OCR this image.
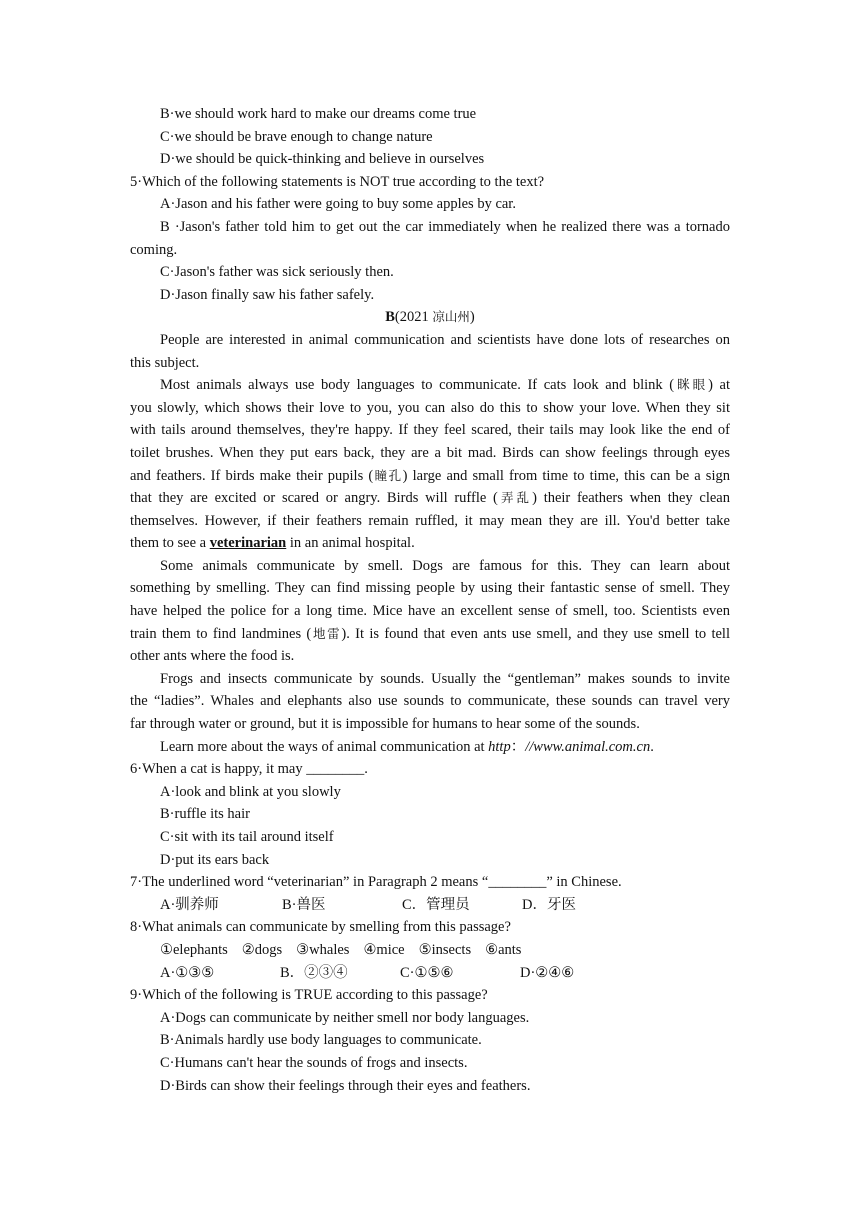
B·we should work hard to make our dreams come true
C·we should be brave enough to change nature
D·we should be quick-thinking and believe in ourselves
5·Which of the following statements is NOT true according to the text?
A·Jason and his father were going to buy some apples by car.
B ·Jason's father told him to get out the car immediately when he realized there was a tornado
coming.
C·Jason's father was sick seriously then.
D·Jason finally saw his father safely.
B(2021 凉山州)
People are interested in animal communication and scientists have done lots of researches on
this subject.
Most animals always use body languages to communicate. If cats look and blink (眯眼) at
you slowly, which shows their love to you, you can also do this to show your love. When they sit
with tails around themselves, they're happy. If they feel scared, their tails may look like the end of
toilet brushes. When they put ears back, they are a bit mad. Birds can show feelings through eyes
and feathers. If birds make their pupils (瞳孔) large and small from time to time, this can be a sign
that they are excited or scared or angry. Birds will ruffle (弄乱) their feathers when they clean
themselves. However, if their feathers remain ruffled, it may mean they are ill. You'd better take
them to see a veterinarian in an animal hospital.
Some animals communicate by smell. Dogs are famous for this. They can learn about
something by smelling. They can find missing people by using their fantastic sense of smell. They
have helped the police for a long time. Mice have an excellent sense of smell, too. Scientists even
train them to find landmines (地雷). It is found that even ants use smell, and they use smell to tell
other ants where the food is.
Frogs and insects communicate by sounds. Usually the “gentleman” makes sounds to invite
the “ladies”. Whales and elephants also use sounds to communicate, these sounds can travel very
far through water or ground, but it is impossible for humans to hear some of the sounds.
Learn more about the ways of animal communication at http：//www.animal.com.cn.
6·When a cat is happy, it may ________.
A·look and blink at you slowly
B·ruffle its hair
C·sit with its tail around itself
D·put its ears back
7·The underlined word “veterinarian” in Paragraph 2 means “________” in Chinese.
A·驯养师	B·兽医	C．管理员	D．牙医
8·What animals can communicate by smelling from this passage?
①elephants ②dogs ③whales ④mice ⑤insects ⑥ants
A·①③⑤	B．②③④	C·①⑤⑥	D·②④⑥
9·Which of the following is TRUE according to this passage?
A·Dogs can communicate by neither smell nor body languages.
B·Animals hardly use body languages to communicate.
C·Humans can't hear the sounds of frogs and insects.
D·Birds can show their feelings through their eyes and feathers.
